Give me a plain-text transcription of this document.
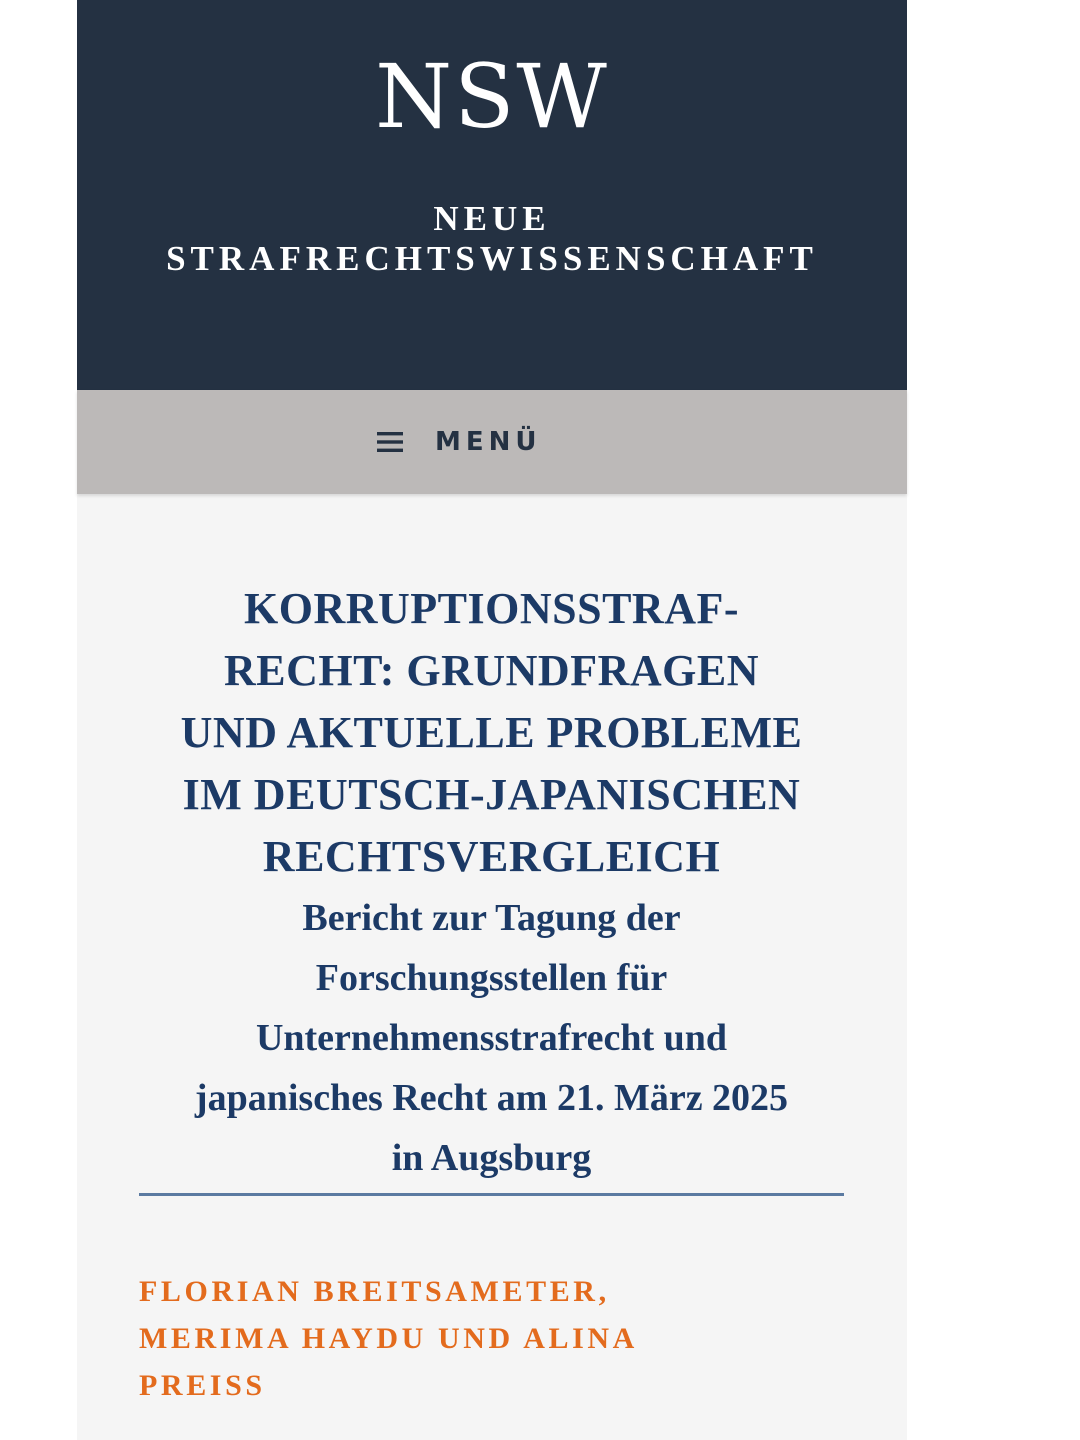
NSW
NEUE
STRAFRECHTSWISSENSCHAFT
MENÜ
KORRUPTIONSSTRAF-
RECHT: GRUNDFRAGEN
UND AKTUELLE PROBLEME
IM DEUTSCH-JAPANISCHEN
RECHTSVERGLEICH
Bericht zur Tagung der
Forschungsstellen für
Unternehmensstrafrecht und
japanisches Recht am 21. März 2025
in Augsburg
FLORIAN BREITSAMETER,
MERIMA HAYDU UND ALINA
PREISS
